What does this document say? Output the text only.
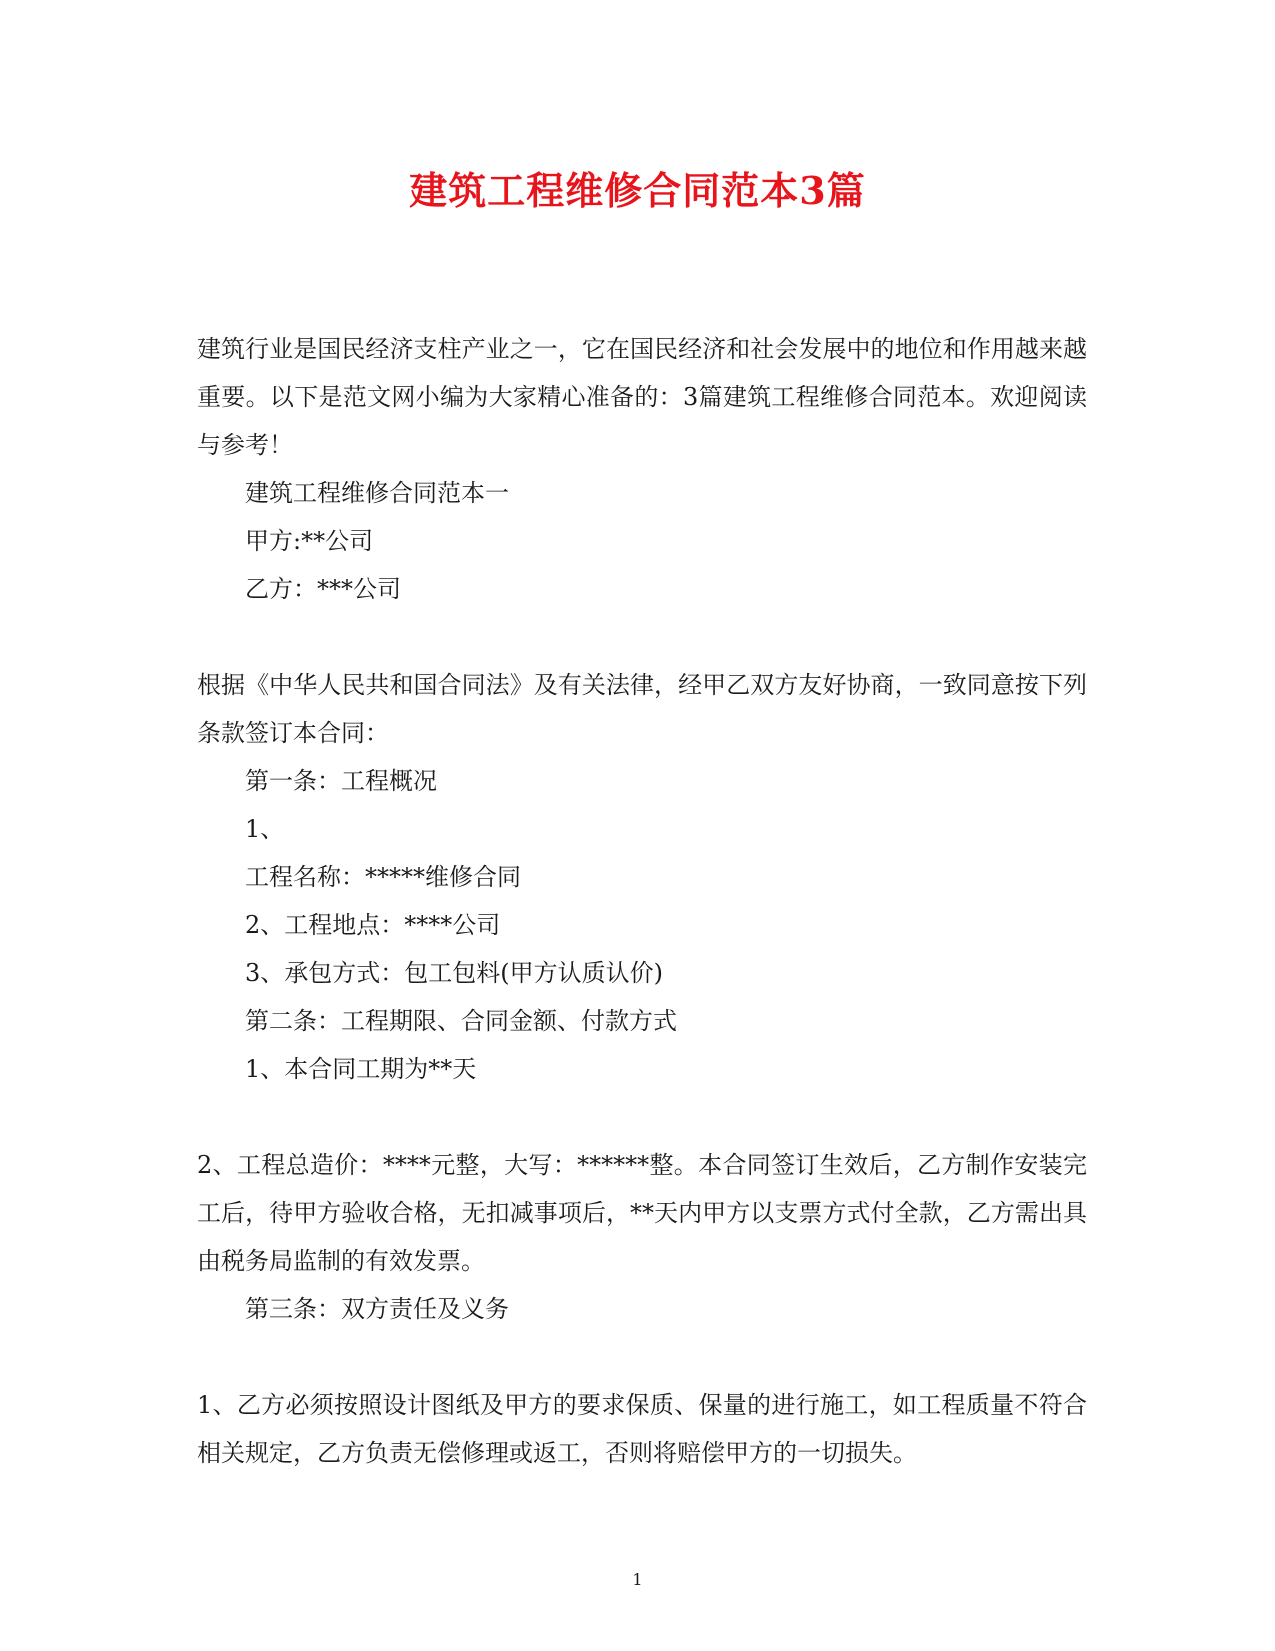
建筑工程维修合同范本3篇

建筑行业是国民经济支柱产业之一，它在国民经济和社会发展中的地位和作用越来越重要。以下是范文网小编为大家精心准备的：3篇建筑工程维修合同范本。欢迎阅读与参考！

建筑工程维修合同范本一

甲方:**公司

乙方：***公司

根据《中华人民共和国合同法》及有关法律，经甲乙双方友好协商，一致同意按下列条款签订本合同：

第一条：工程概况

1、

工程名称：*****维修合同

2、工程地点：****公司

3、承包方式：包工包料(甲方认质认价)

第二条：工程期限、合同金额、付款方式

1、本合同工期为**天

2、工程总造价：****元整，大写：******整。本合同签订生效后，乙方制作安装完工后，待甲方验收合格，无扣减事项后，**天内甲方以支票方式付全款，乙方需出具由税务局监制的有效发票。

第三条：双方责任及义务

1、乙方必须按照设计图纸及甲方的要求保质、保量的进行施工，如工程质量不符合相关规定，乙方负责无偿修理或返工，否则将赔偿甲方的一切损失。

1
